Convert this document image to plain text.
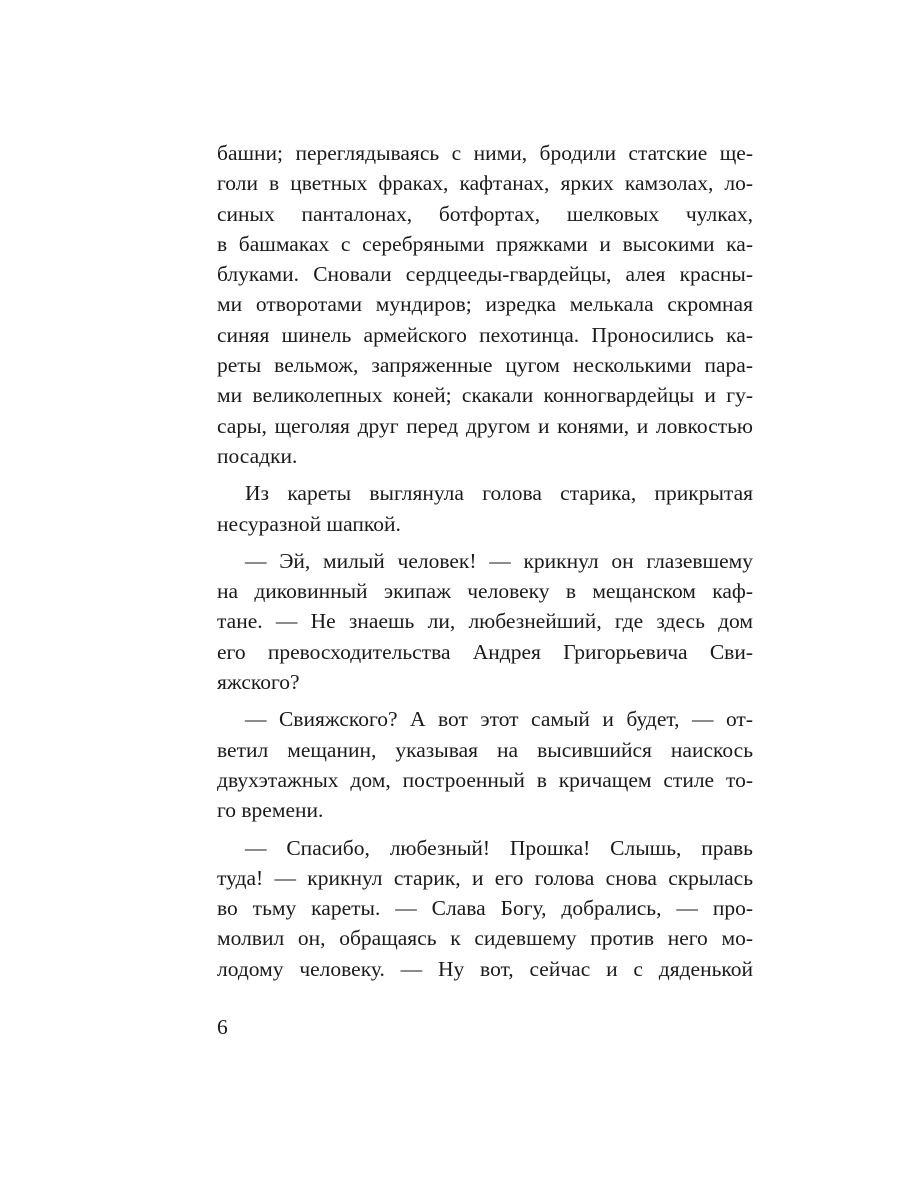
башни; переглядываясь с ними, бродили статские ще-
голи в цветных фраках, кафтанах, ярких камзолах, ло-
синых панталонах, ботфортах, шелковых чулках,
в башмаках с серебряными пряжками и высокими ка-
блуками. Сновали сердцееды-гвардейцы, алея красны-
ми отворотами мундиров; изредка мелькала скромная
синяя шинель армейского пехотинца. Проносились ка-
реты вельмож, запряженные цугом несколькими пара-
ми великолепных коней; скакали конногвардейцы и гу-
сары, щеголяя друг перед другом и конями, и ловкостью
посадки.
Из кареты выглянула голова старика, прикрытая
несуразной шапкой.
— Эй, милый человек! — крикнул он глазевшему
на диковинный экипаж человеку в мещанском каф-
тане. — Не знаешь ли, любезнейший, где здесь дом
его превосходительства Андрея Григорьевича Сви-
яжского?
— Свияжского? А вот этот самый и будет, — от-
ветил мещанин, указывая на высившийся наискось
двухэтажных дом, построенный в кричащем стиле то-
го времени.
— Спасибо, любезный! Прошка! Слышь, правь
туда! — крикнул старик, и его голова снова скрылась
во тьму кареты. — Слава Богу, добрались, — про-
молвил он, обращаясь к сидевшему против него мо-
лодому человеку. — Ну вот, сейчас и с дяденькой
6
